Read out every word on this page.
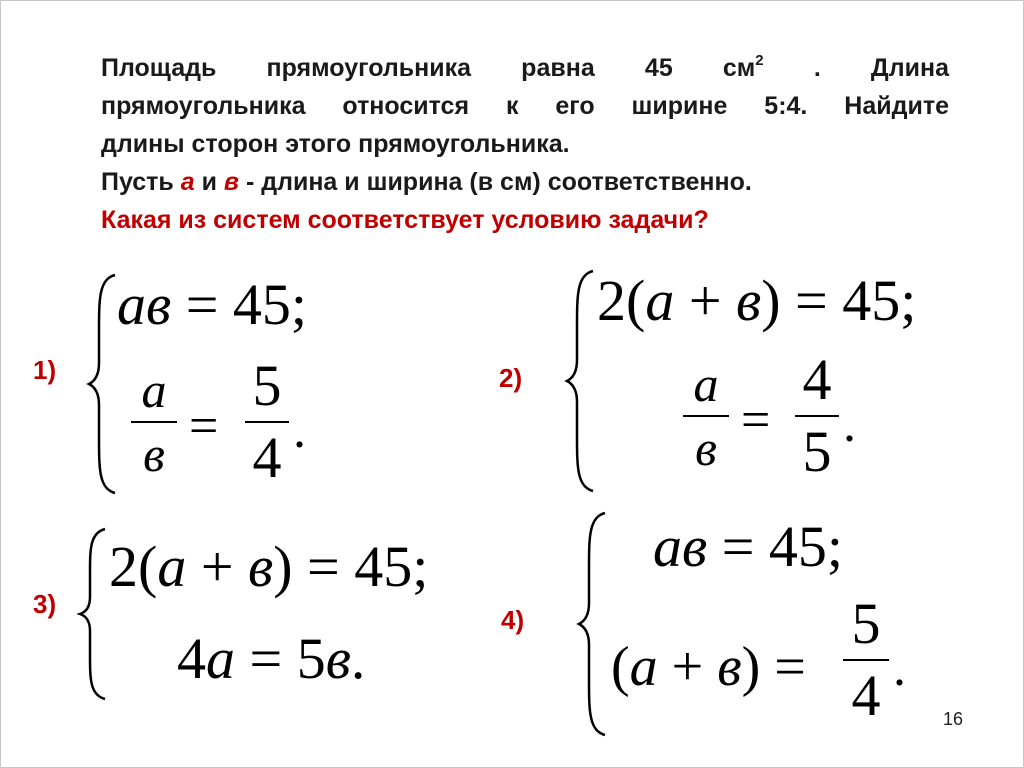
Площадь прямоугольника равна 45 $см^2$ . Длина
прямоугольника относится к его ширине 5:4. Найдите
длины сторон этого прямоугольника.
Пусть а и в - длина и ширина (в см) соответственно.
Какая из систем соответствует условию задачи?
1)
ав = 45;
а
в =
5
4 .
2)
2(а + в) = 45;
а
в =
4
5 .
3)
2(а + в) = 45;
4а = 5в.
4)
ав = 45;
(а + в) =
5
4 .
16
